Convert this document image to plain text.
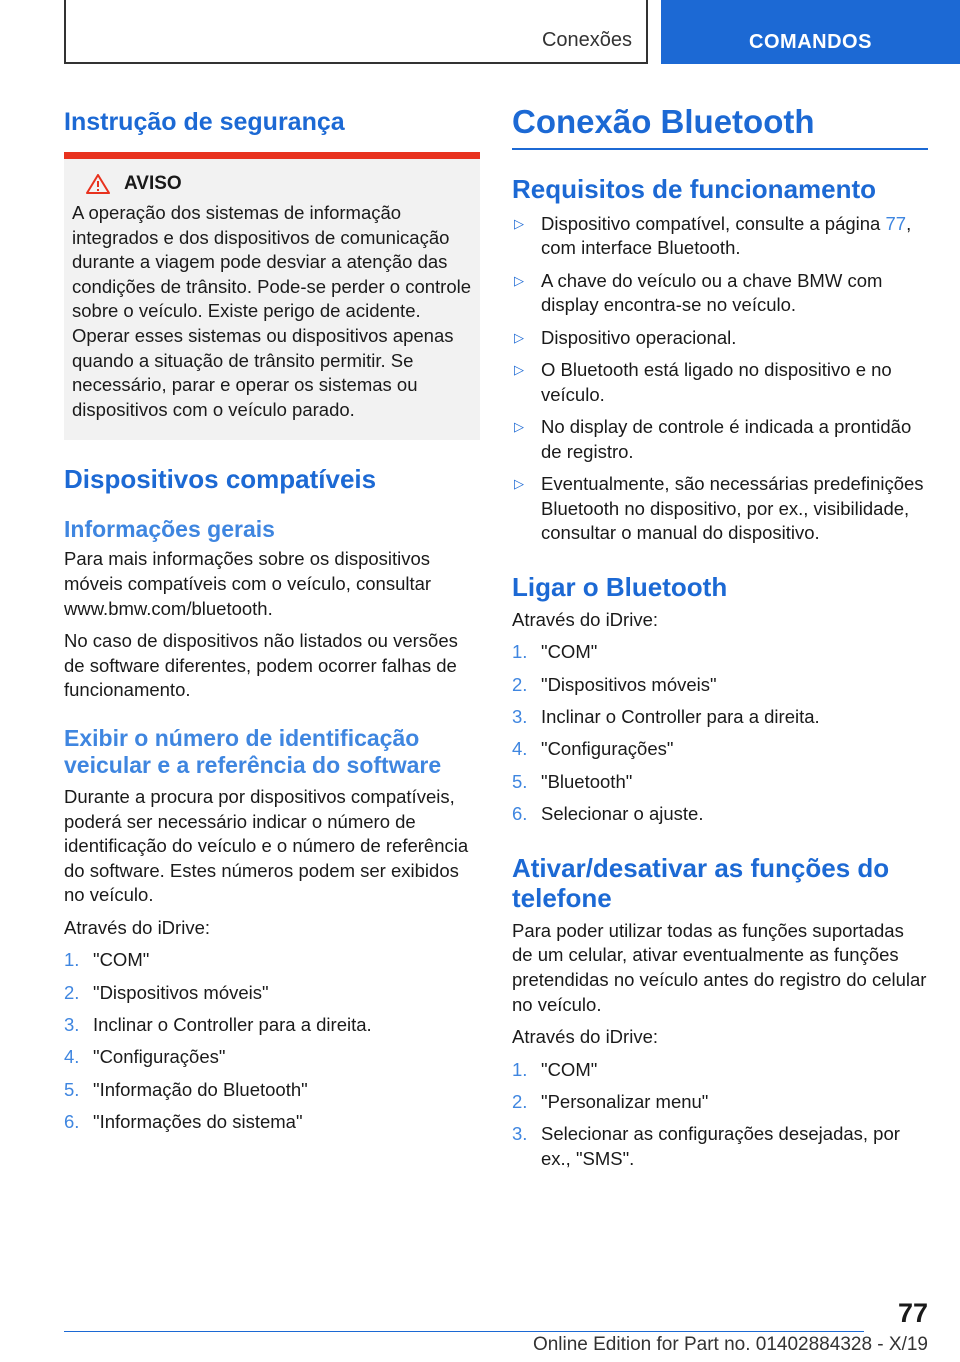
Conexões	COMANDOS
Instrução de segurança
AVISO

A operação dos sistemas de informação integrados e dos dispositivos de comunicação durante a viagem pode desviar a atenção das condições de trânsito. Pode-se perder o controle sobre o veículo. Existe perigo de acidente. Operar esses sistemas ou dispositivos apenas quando a situação de trânsito permitir. Se necessário, parar e operar os sistemas ou dispositivos com o veículo parado.

Dispositivos compatíveis
Informações gerais

Para mais informações sobre os dispositivos móveis compatíveis com o veículo, consultar www.bmw.com/bluetooth.

No caso de dispositivos não listados ou versões de software diferentes, podem ocorrer falhas de funcionamento.

Exibir o número de identificação veicular e a referência do software

Durante a procura por dispositivos compatíveis, poderá ser necessário indicar o número de identificação do veículo e o número de referência do software. Estes números podem ser exibidos no veículo.

Através do iDrive:

1. "COM"
2. "Dispositivos móveis"
3. Inclinar o Controller para a direita.
4. "Configurações"
5. "Informação do Bluetooth"
6. "Informações do sistema"
Conexão Bluetooth
Requisitos de funcionamento
▷ Dispositivo compatível, consulte a página 77, com interface Bluetooth.
▷ A chave do veículo ou a chave BMW com display encontra-se no veículo.
▷ Dispositivo operacional.
▷ O Bluetooth está ligado no dispositivo e no veículo.
▷ No display de controle é indicada a prontidão de registro.
▷ Eventualmente, são necessárias predefinições Bluetooth no dispositivo, por ex., visibilidade, consultar o manual do dispositivo.
Ligar o Bluetooth

Através do iDrive:

1. "COM"
2. "Dispositivos móveis"
3. Inclinar o Controller para a direita.
4. "Configurações"
5. "Bluetooth"
6. Selecionar o ajuste.
Ativar/desativar as funções do telefone

Para poder utilizar todas as funções suportadas de um celular, ativar eventualmente as funções pretendidas no veículo antes do registro do celular no veículo.

Através do iDrive:

1. "COM"
2. "Personalizar menu"
3. Selecionar as configurações desejadas, por ex., "SMS".
77
Online Edition for Part no. 01402884328 - X/19
